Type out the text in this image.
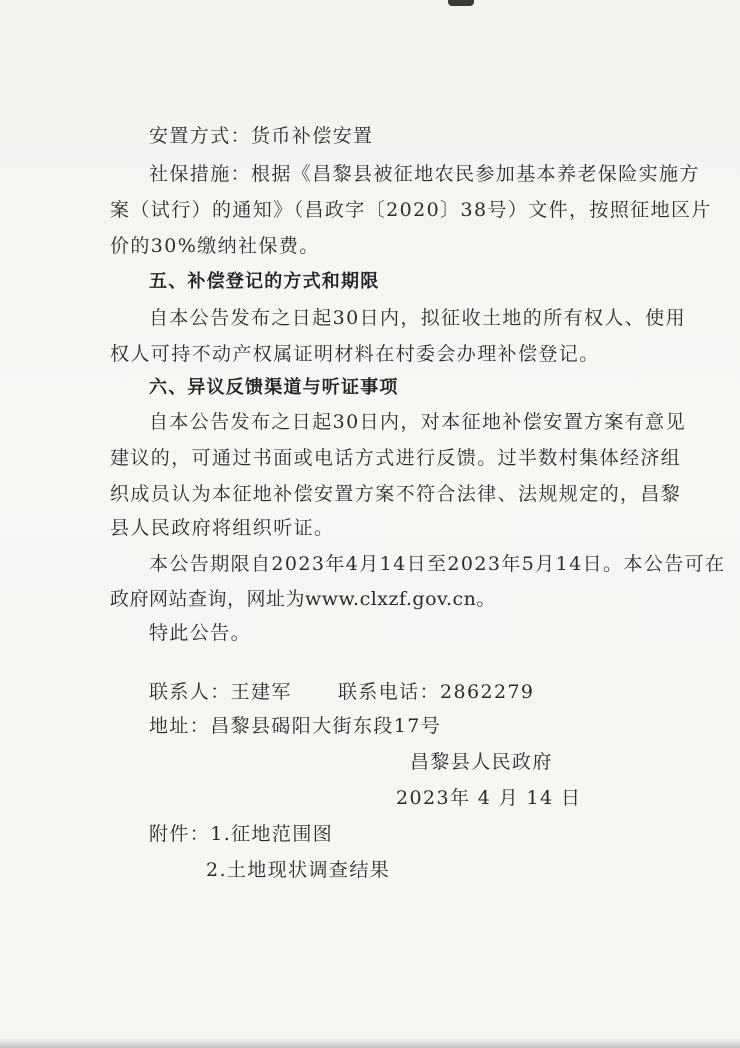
安置方式：货币补偿安置
社保措施：根据《昌黎县被征地农民参加基本养老保险实施方
案（试行）的通知》（昌政字〔2020〕38号）文件，按照征地区片
价的30%缴纳社保费。
五、补偿登记的方式和期限
自本公告发布之日起30日内，拟征收土地的所有权人、使用
权人可持不动产权属证明材料在村委会办理补偿登记。
六、异议反馈渠道与听证事项
自本公告发布之日起30日内，对本征地补偿安置方案有意见
建议的，可通过书面或电话方式进行反馈。过半数村集体经济组
织成员认为本征地补偿安置方案不符合法律、法规规定的，昌黎
县人民政府将组织听证。
本公告期限自2023年4月14日至2023年5月14日。本公告可在
政府网站查询，网址为www.clxzf.gov.cn。
特此公告。
联系人：王建军 联系电话：2862279
地址：昌黎县碣阳大街东段17号
昌黎县人民政府
2023年 4 月 14 日
附件：1.征地范围图
2.土地现状调查结果
